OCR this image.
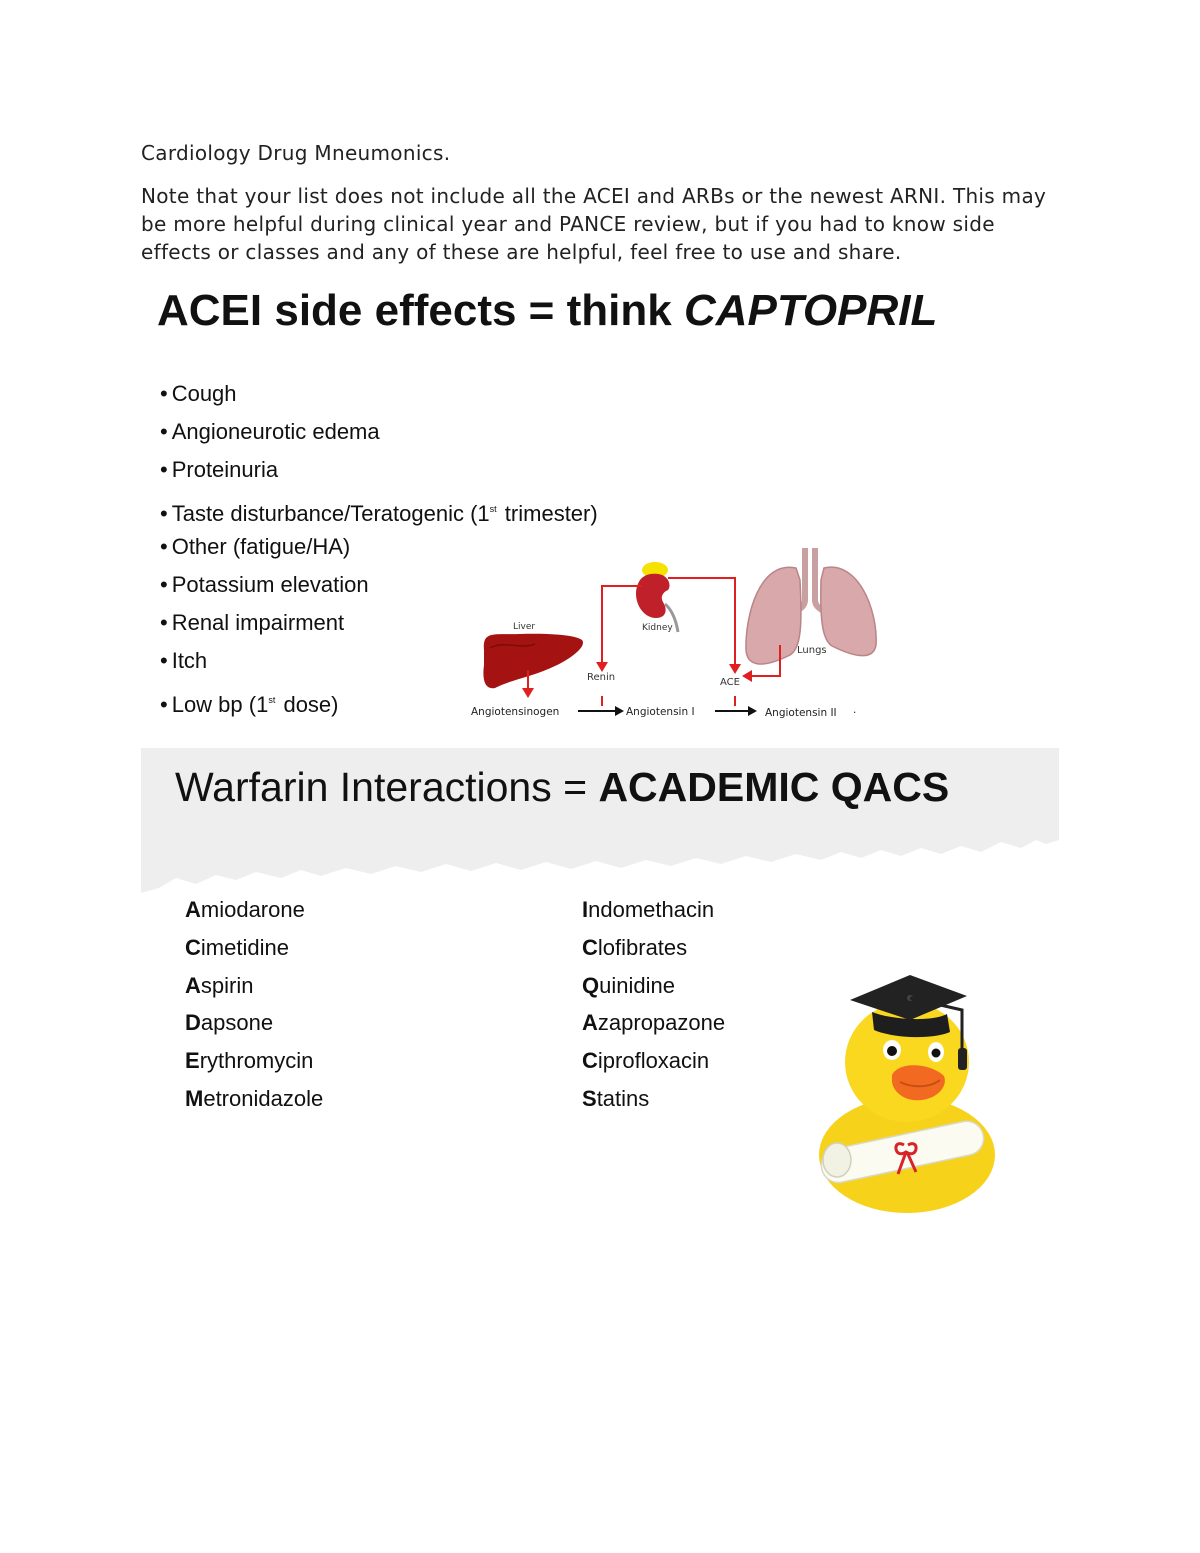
Cardiology Drug Mneumonics.
Note that your list does not include all the ACEI and ARBs or the newest ARNI. This may be more helpful during clinical year and PANCE review, but if you had to know side effects or classes and any of these are helpful, feel free to use and share.
ACEI side effects = think CAPTOPRIL
• Cough
• Angioneurotic edema
• Proteinuria
• Taste disturbance/Teratogenic (1st trimester)
• Other (fatigue/HA)
• Potassium elevation
• Renal impairment
• Itch
• Low bp (1st dose)
Lungs
Kidney
Liver
Renin	ACE
Angiotensinogen	Angiotensin I	Angiotensin II ·
Warfarin Interactions = ACADEMIC QACS
Amiodarone
Cimetidine
Aspirin
Dapsone
Erythromycin
Metronidazole
Indomethacin
Clofibrates
Quinidine
Azapropazone
Ciprofloxacin
Statins
